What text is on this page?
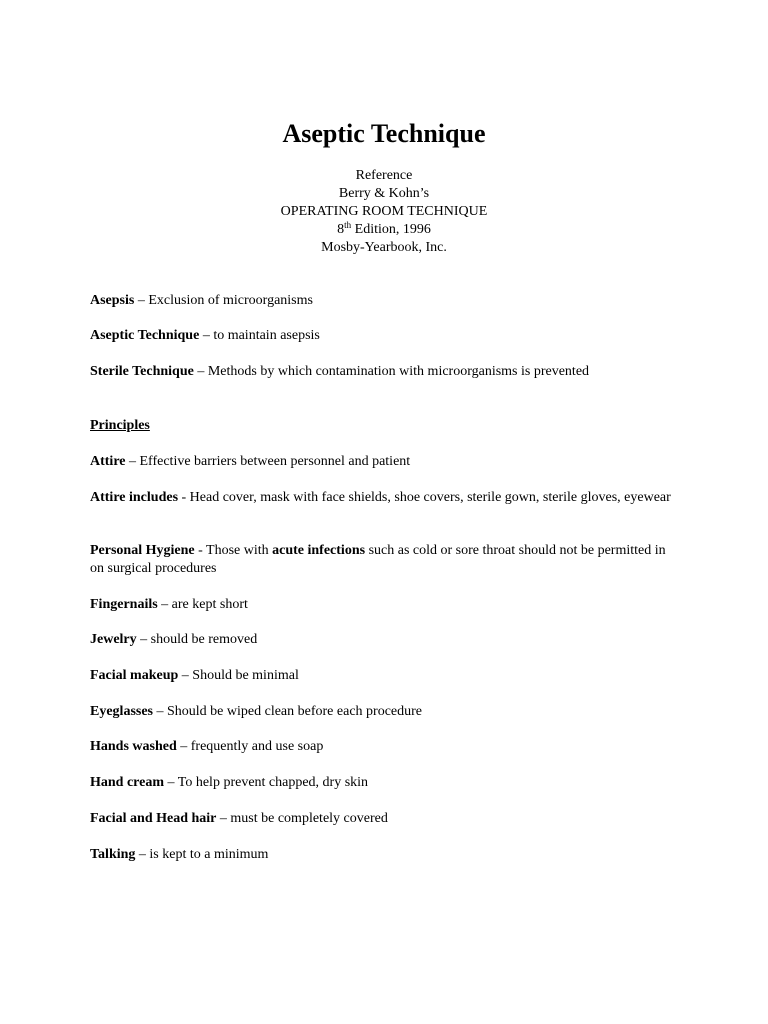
Aseptic Technique
Reference
Berry & Kohn’s
OPERATING ROOM TECHNIQUE
8th Edition, 1996
Mosby-Yearbook, Inc.

Asepsis – Exclusion of microorganisms

Aseptic Technique – to maintain asepsis

Sterile Technique – Methods by which contamination with microorganisms is prevented

Principles

Attire – Effective barriers between personnel and patient

Attire includes - Head cover, mask with face shields, shoe covers, sterile gown, sterile gloves, eyewear

Personal Hygiene - Those with acute infections such as cold or sore throat should not be permitted in on surgical procedures

Fingernails – are kept short

Jewelry – should be removed

Facial makeup – Should be minimal

Eyeglasses – Should be wiped clean before each procedure

Hands washed – frequently and use soap

Hand cream – To help prevent chapped, dry skin

Facial and Head hair – must be completely covered

Talking – is kept to a minimum
